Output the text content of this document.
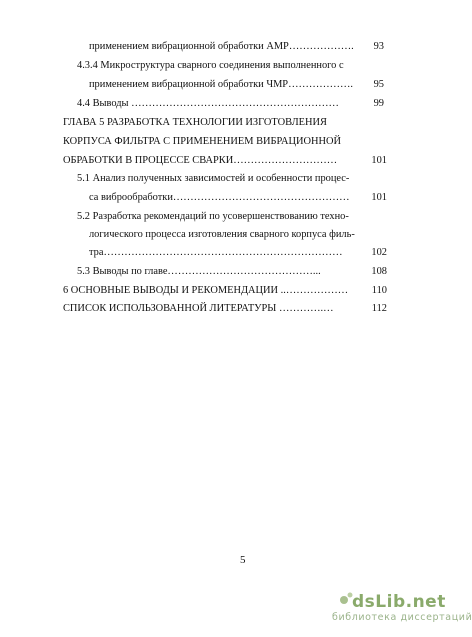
применением вибрационной обработки АМР……………….	93
4.3.4 Микроструктура сварного соединения выполненного с
применением вибрационной обработки ЧМР……………….	95
4.4 Выводы ……………………………………………………	99
ГЛАВА 5 РАЗРАБОТКА ТЕХНОЛОГИИ ИЗГОТОВЛЕНИЯ
КОРПУСА ФИЛЬТРА С ПРИМЕНЕНИЕМ ВИБРАЦИОННОЙ
ОБРАБОТКИ В ПРОЦЕССЕ СВАРКИ…………………………	101
5.1 Анализ полученных зависимостей и особенности процес-
са виброобработки……………………………………………	101
5.2 Разработка рекомендаций по усовершенствованию техно-
логического процесса изготовления сварного корпуса филь-
тра……………………………………………………………	102
5.3 Выводы по главе……………………………………...	108
6 ОСНОВНЫЕ ВЫВОДЫ И РЕКОМЕНДАЦИИ ..………………	110
СПИСОК ИСПОЛЬЗОВАННОЙ ЛИТЕРАТУРЫ ………….…	112
5
dsLib.net
библиотека диссертаций
